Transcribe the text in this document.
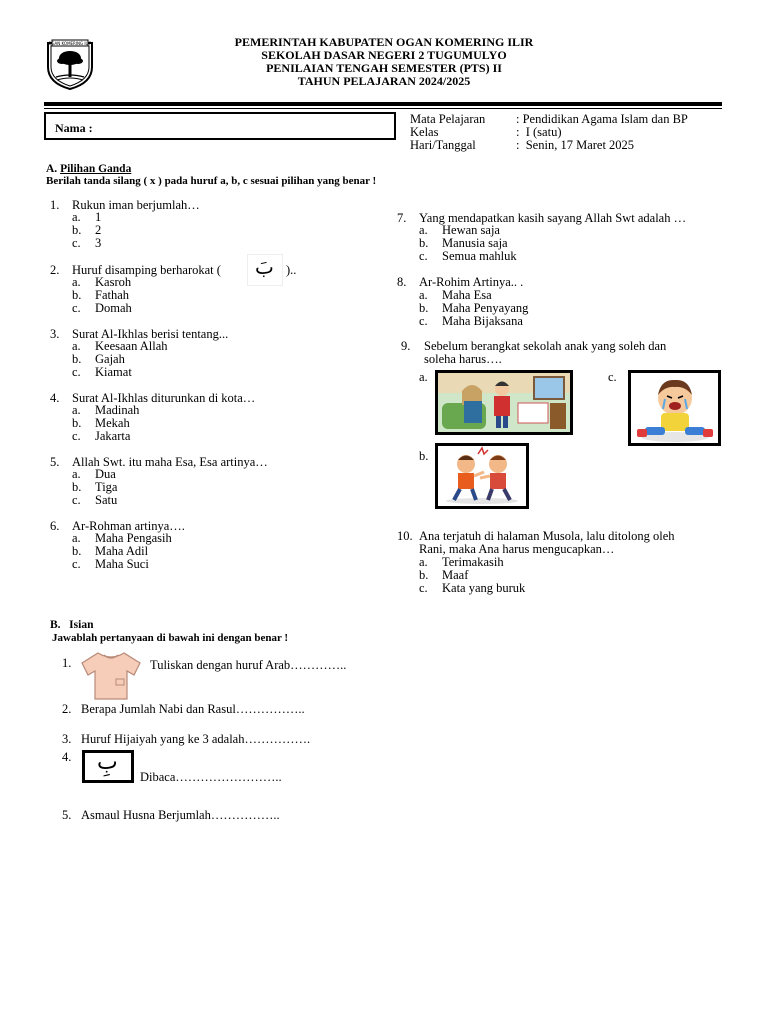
OGAN KOMERING ILIR	PEMERINTAH KABUPATEN OGAN KOMERING ILIR
SEKOLAH DASAR NEGERI 2 TUGUMULYO
PENILAIAN TENGAH SEMESTER (PTS) II
TAHUN PELAJARAN 2024/2025
Nama :
Mata Pelajaran : Pendidikan Agama Islam dan BP
Kelas	: I (satu)
Hari/Tanggal	: Senin, 17 Maret 2025
A. Pilihan Ganda
Berilah tanda silang ( x ) pada huruf a, b, c sesuai pilihan yang benar !
1. Rukun iman berjumlah…
a. 1
b. 2
c. 3
2. Huruf disamping berharokat (	)..
بَ
a. Kasroh
b. Fathah
c. Domah
3. Surat Al-Ikhlas berisi tentang...
a. Keesaan Allah
b. Gajah
c. Kiamat
4. Surat Al-Ikhlas diturunkan di kota…
a. Madinah
b. Mekah
c. Jakarta
5. Allah Swt. itu maha Esa, Esa artinya…
a. Dua
b. Tiga
c. Satu
6. Ar-Rohman artinya….
a. Maha Pengasih
b. Maha Adil
c. Maha Suci
7. Yang mendapatkan kasih sayang Allah Swt adalah …
a. Hewan saja
b. Manusia saja
c. Semua mahluk
8. Ar-Rohim Artinya.. .
a. Maha Esa
b. Maha Penyayang
c. Maha Bijaksana
9. Sebelum berangkat sekolah anak yang soleh dan
soleha harus….
a.	c.
b.
10. Ana terjatuh di halaman Musola, lalu ditolong oleh
Rani, maka Ana harus mengucapkan…
a. Terimakasih
b. Maaf
c. Kata yang buruk
B. Isian
Jawablah pertanyaan di bawah ini dengan benar !
1.	Tuliskan dengan huruf Arab…………..
2. Berapa Jumlah Nabi dan Rasul……………..
3. Huruf Hijaiyah yang ke 3 adalah…………….
4. بِ
Dibaca……………………..
5. Asmaul Husna Berjumlah……………..
